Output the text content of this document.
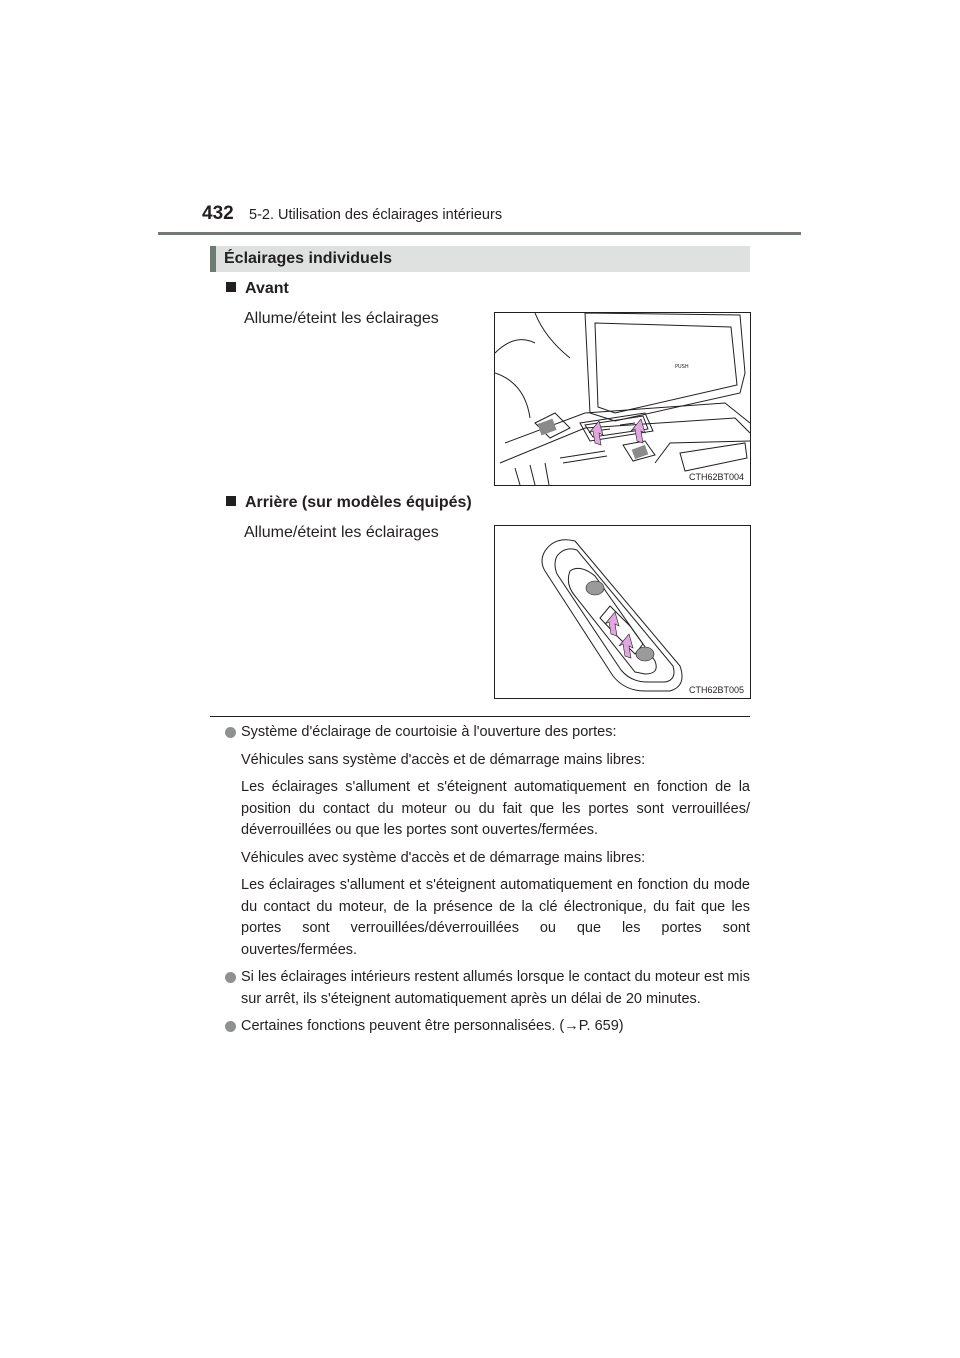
432 5-2. Utilisation des éclairages intérieurs
Éclairages individuels
Avant
Allume/éteint les éclairages
PUSH
CTH62BT004
Arrière (sur modèles équipés)
Allume/éteint les éclairages
CTH62BT005
Système d'éclairage de courtoisie à l'ouverture des portes:
Véhicules sans système d'accès et de démarrage mains libres:
Les éclairages s'allument et s'éteignent automatiquement en fonction de la position du contact du moteur ou du fait que les portes sont verrouillées/ déverrouillées ou que les portes sont ouvertes/fermées.
Véhicules avec système d'accès et de démarrage mains libres:
Les éclairages s'allument et s'éteignent automatiquement en fonction du mode du contact du moteur, de la présence de la clé électronique, du fait que les portes sont verrouillées/déverrouillées ou que les portes sont ouvertes/fermées.
Si les éclairages intérieurs restent allumés lorsque le contact du moteur est mis sur arrêt, ils s'éteignent automatiquement après un délai de 20 minutes.
Certaines fonctions peuvent être personnalisées. (→P. 659)
